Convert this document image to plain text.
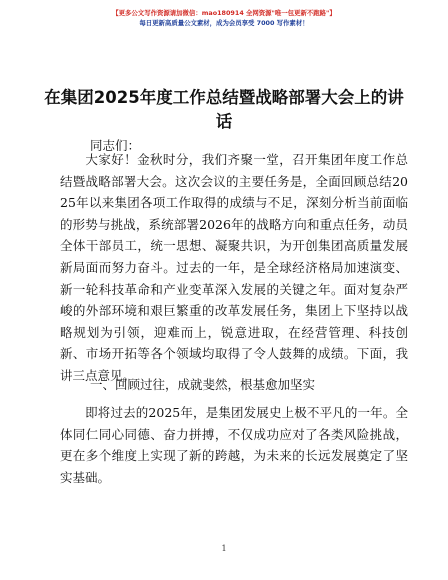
【更多公文写作资源请加微信：mao180914 全网资源"唯一包更新不跑路"】
每日更新高质量公文素材，成为会员享受 7000 写作素材！
在集团2025年度工作总结暨战略部署大会上的讲话
同志们：

大家好！金秋时分，我们齐聚一堂，召开集团年度工作总结暨战略部署大会。这次会议的主要任务是，全面回顾总结2025年以来集团各项工作取得的成绩与不足，深刻分析当前面临的形势与挑战，系统部署2026年的战略方向和重点任务，动员全体干部员工，统一思想、凝聚共识，为开创集团高质量发展新局面而努力奋斗。过去的一年，是全球经济格局加速演变、新一轮科技革命和产业变革深入发展的关键之年。面对复杂严峻的外部环境和艰巨繁重的改革发展任务，集团上下坚持以战略规划为引领，迎难而上，锐意进取，在经营管理、科技创新、市场开拓等各个领域均取得了令人鼓舞的成绩。下面，我讲三点意见。

一、回顾过往，成就斐然，根基愈加坚实

即将过去的2025年，是集团发展史上极不平凡的一年。全体同仁同心同德、奋力拼搏，不仅成功应对了各类风险挑战，更在多个维度上实现了新的跨越，为未来的长远发展奠定了坚实基础。

1
